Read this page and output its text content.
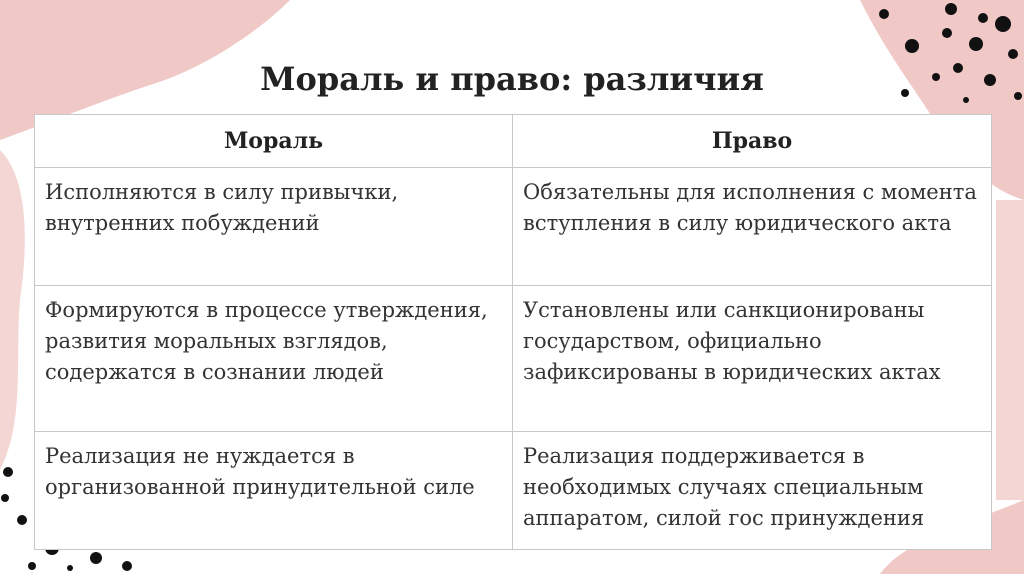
Мораль и право: различия
Мораль	Право
Исполняются в силу привычки, внутренних побуждений	Обязательны для исполнения с момента вступления в силу юридического акта
Формируются в процессе утверждения, развития моральных взглядов, содержатся в сознании людей	Установлены или санкционированы государством, официально зафиксированы в юридических актах
Реализация не нуждается в организованной принудительной силе	Реализация поддерживается в необходимых случаях специальным аппаратом, силой гос принуждения
